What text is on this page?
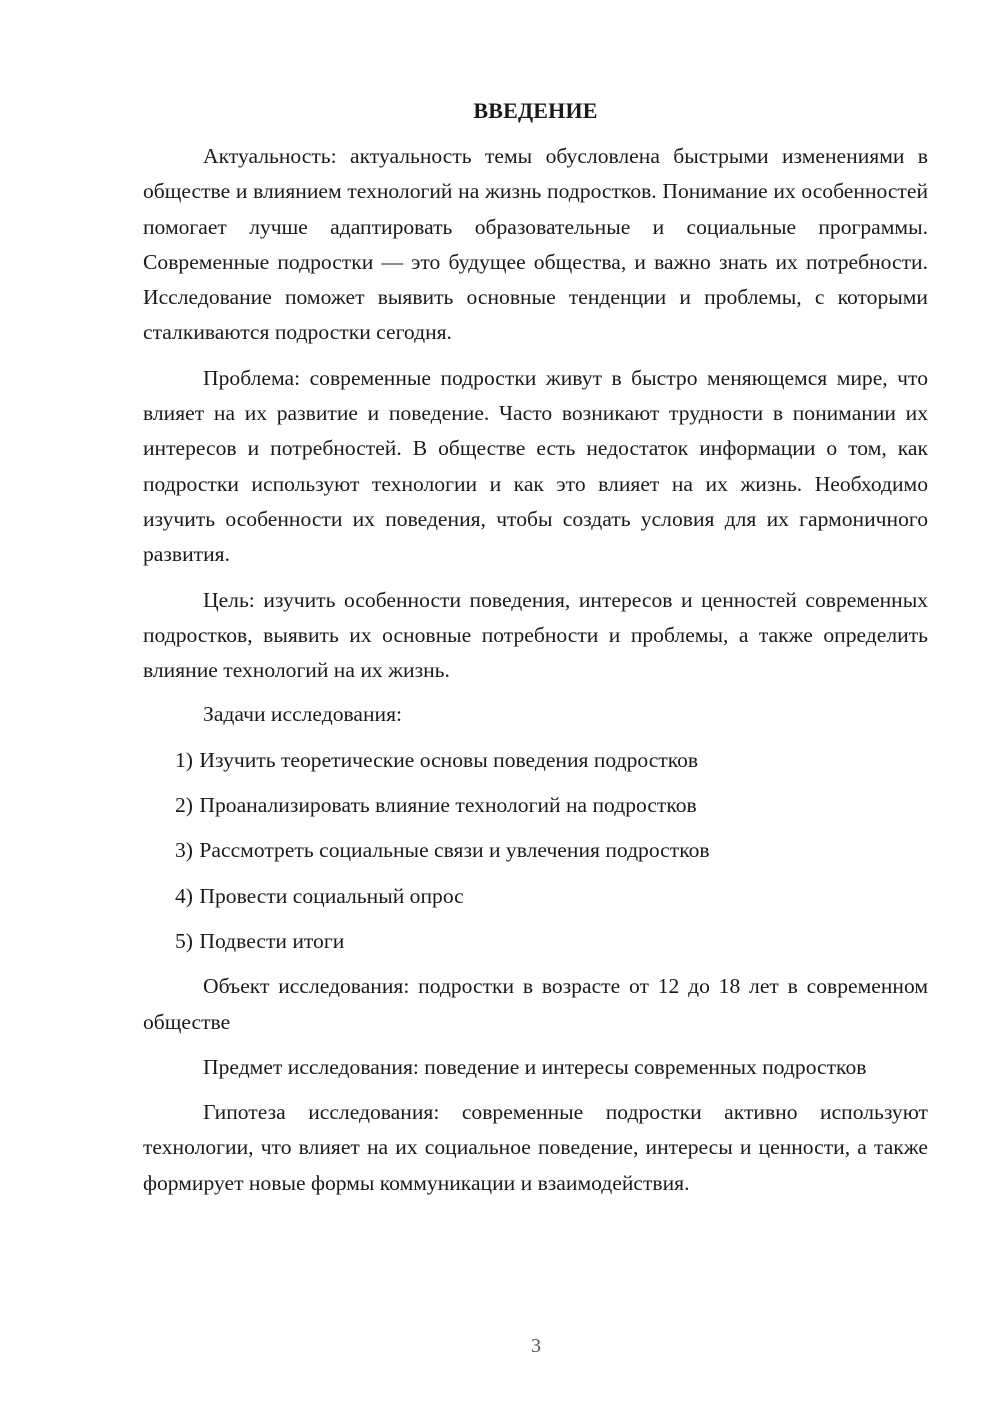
ВВЕДЕНИЕ

Актуальность: актуальность темы обусловлена быстрыми изменениями в обществе и влиянием технологий на жизнь подростков. Понимание их особенностей помогает лучше адаптировать образовательные и социальные программы. Современные подростки — это будущее общества, и важно знать их потребности. Исследование поможет выявить основные тенденции и проблемы, с которыми сталкиваются подростки сегодня.

Проблема: современные подростки живут в быстро меняющемся мире, что влияет на их развитие и поведение. Часто возникают трудности в понимании их интересов и потребностей. В обществе есть недостаток информации о том, как подростки используют технологии и как это влияет на их жизнь. Необходимо изучить особенности их поведения, чтобы создать условия для их гармоничного развития.

Цель: изучить особенности поведения, интересов и ценностей современных подростков, выявить их основные потребности и проблемы, а также определить влияние технологий на их жизнь.

Задачи исследования:

1) Изучить теоретические основы поведения подростков
2) Проанализировать влияние технологий на подростков
3) Рассмотреть социальные связи и увлечения подростков
4) Провести социальный опрос
5) Подвести итоги

Объект исследования: подростки в возрасте от 12 до 18 лет в современном обществе

Предмет исследования: поведение и интересы современных подростков

Гипотеза исследования: современные подростки активно используют технологии, что влияет на их социальное поведение, интересы и ценности, а также формирует новые формы коммуникации и взаимодействия.

3
